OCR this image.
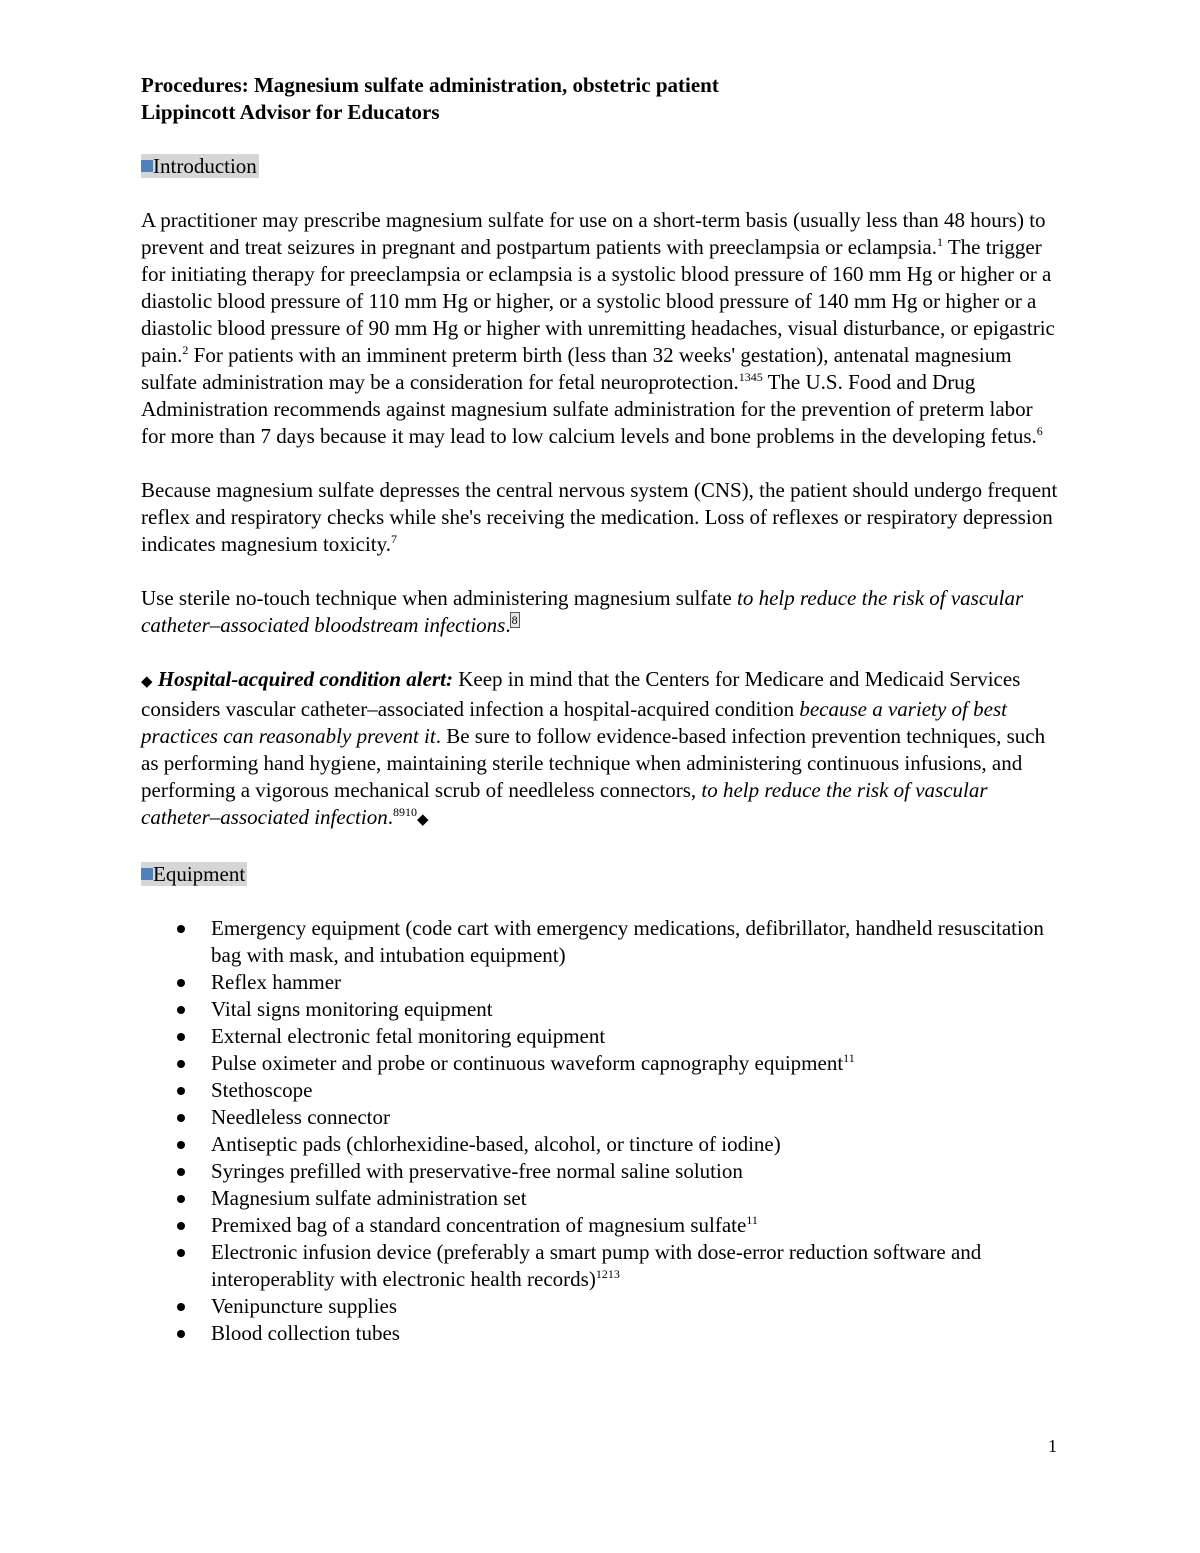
Procedures: Magnesium sulfate administration, obstetric patient
Lippincott Advisor for Educators

Introduction

A practitioner may prescribe magnesium sulfate for use on a short-term basis (usually less than 48 hours) to prevent and treat seizures in pregnant and postpartum patients with preeclampsia or eclampsia.$^1$ The trigger for initiating therapy for preeclampsia or eclampsia is a systolic blood pressure of 160 mm Hg or higher or a diastolic blood pressure of 110 mm Hg or higher, or a systolic blood pressure of 140 mm Hg or higher or a diastolic blood pressure of 90 mm Hg or higher with unremitting headaches, visual disturbance, or epigastric pain.$^2$ For patients with an imminent preterm birth (less than 32 weeks' gestation), antenatal magnesium sulfate administration may be a consideration for fetal neuroprotection.$^{1345}$ The U.S. Food and Drug Administration recommends against magnesium sulfate administration for the prevention of preterm labor for more than 7 days because it may lead to low calcium levels and bone problems in the developing fetus.$^6$

Because magnesium sulfate depresses the central nervous system (CNS), the patient should undergo frequent reflex and respiratory checks while she's receiving the medication. Loss of reflexes or respiratory depression indicates magnesium toxicity.$^7$

Use sterile no-touch technique when administering magnesium sulfate to help reduce the risk of vascular catheter–associated bloodstream infections.$^8$

◆ Hospital-acquired condition alert: Keep in mind that the Centers for Medicare and Medicaid Services considers vascular catheter–associated infection a hospital-acquired condition because a variety of best practices can reasonably prevent it. Be sure to follow evidence-based infection prevention techniques, such as performing hand hygiene, maintaining sterile technique when administering continuous infusions, and performing a vigorous mechanical scrub of needleless connectors, to help reduce the risk of vascular catheter–associated infection.$^{8910}$◆

Equipment
Emergency equipment (code cart with emergency medications, defibrillator, handheld resuscitation bag with mask, and intubation equipment)
Reflex hammer
Vital signs monitoring equipment
External electronic fetal monitoring equipment
Pulse oximeter and probe or continuous waveform capnography equipment$^{11}$
Stethoscope
Needleless connector
Antiseptic pads (chlorhexidine-based, alcohol, or tincture of iodine)
Syringes prefilled with preservative-free normal saline solution
Magnesium sulfate administration set
Premixed bag of a standard concentration of magnesium sulfate$^{11}$
Electronic infusion device (preferably a smart pump with dose-error reduction software and interoperablity with electronic health records)$^{1213}$
Venipuncture supplies
Blood collection tubes
1
